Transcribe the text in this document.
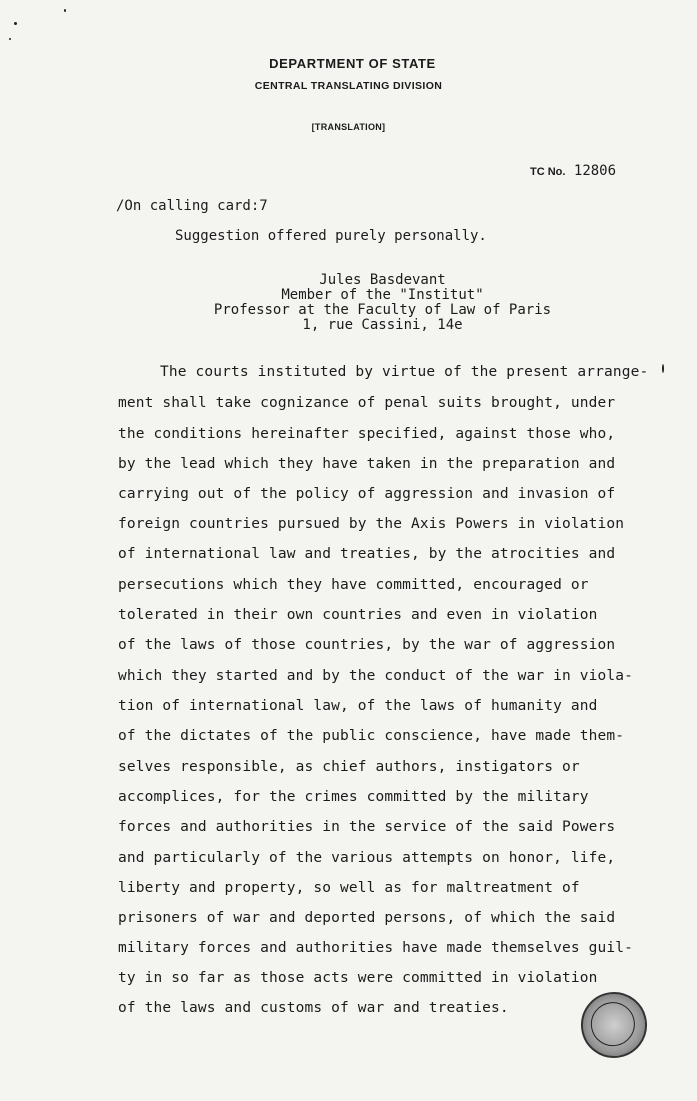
DEPARTMENT OF STATE
CENTRAL TRANSLATING DIVISION
[TRANSLATION]
TC No. 12806
/On calling card:7
Suggestion offered purely personally.
Jules Basdevant
Member of the "Institut"
Professor at the Faculty of Law of Paris
1, rue Cassini, 14e
The courts instituted by virtue of the present arrange-
ment shall take cognizance of penal suits brought, under
the conditions hereinafter specified, against those who,
by the lead which they have taken in the preparation and
carrying out of the policy of aggression and invasion of
foreign countries pursued by the Axis Powers in violation
of international law and treaties, by the atrocities and
persecutions which they have committed, encouraged or
tolerated in their own countries and even in violation
of the laws of those countries, by the war of aggression
which they started and by the conduct of the war in viola-
tion of international law, of the laws of humanity and
of the dictates of the public conscience, have made them-
selves responsible, as chief authors, instigators or
accomplices, for the crimes committed by the military
forces and authorities in the service of the said Powers
and particularly of the various attempts on honor, life,
liberty and property, so well as for maltreatment of
prisoners of war and deported persons, of which the said
military forces and authorities have made themselves guil-
ty in so far as those acts were committed in violation
of the laws and customs of war and treaties.
